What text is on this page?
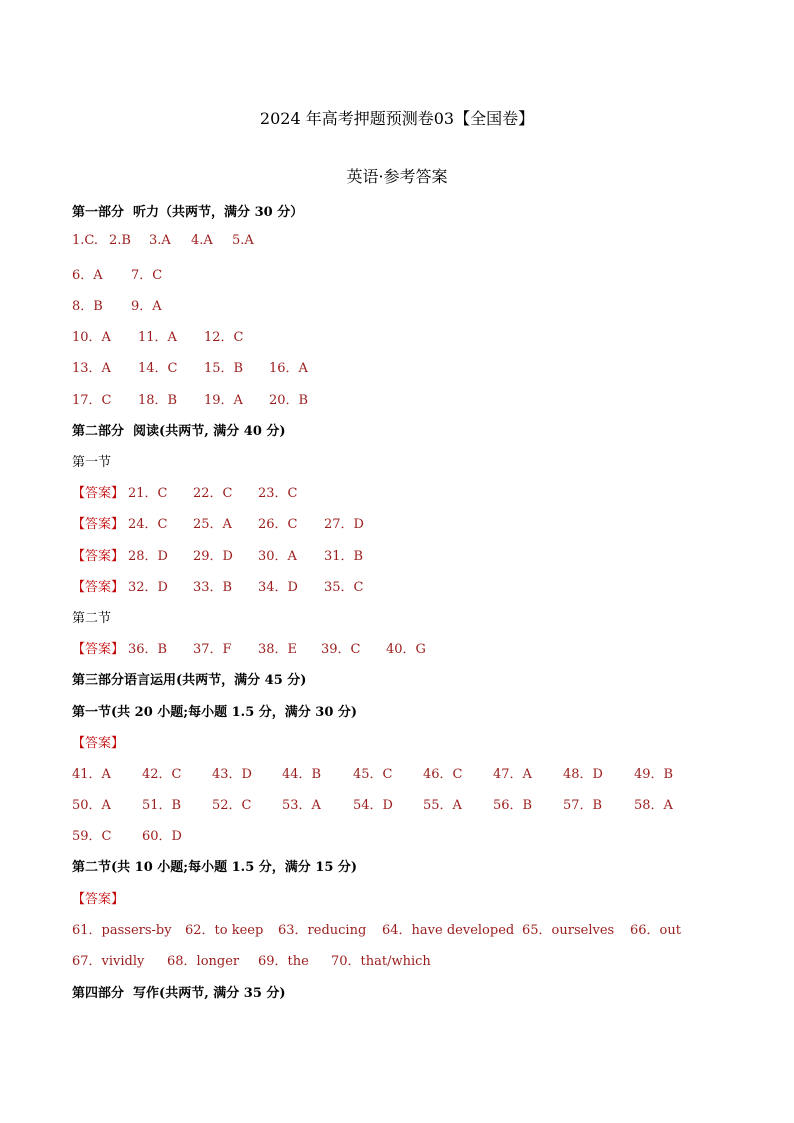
2024 年高考押题预测卷03【全国卷】
英语·参考答案
第一部分  听力（共两节，满分 30 分）
1.C. 2.B 3.A 4.A 5.A
6．A 7．C
8．B 9．A
10．A 11．A 12．C
13．A 14．C 15．B 16．A
17．C 18．B 19．A 20．B
第二部分  阅读(共两节, 满分 40 分)
第一节
【答案】 21．C 22．C 23．C
【答案】 24．C 25．A 26．C 27．D
【答案】 28．D 29．D 30．A 31．B
【答案】 32．D 33．B 34．D 35．C
第二节
【答案】 36．B 37．F 38．E 39．C 40．G
第三部分语言运用(共两节，满分 45 分)
第一节(共 20 小题;每小题 1.5 分，满分 30 分)
【答案】
41．A 42．C 43．D 44．B 45．C 46．C 47．A 48．D 49．B
50．A 51．B 52．C 53．A 54．D 55．A 56．B 57．B 58．A
59．C 60．D
第二节(共 10 小题;每小题 1.5 分，满分 15 分)
【答案】
61．passers-by 62．to keep 63．reducing 64．have developed 65．ourselves 66．out
67．vividly 68．longer 69．the 70．that/which
第四部分  写作(共两节, 满分 35 分)
